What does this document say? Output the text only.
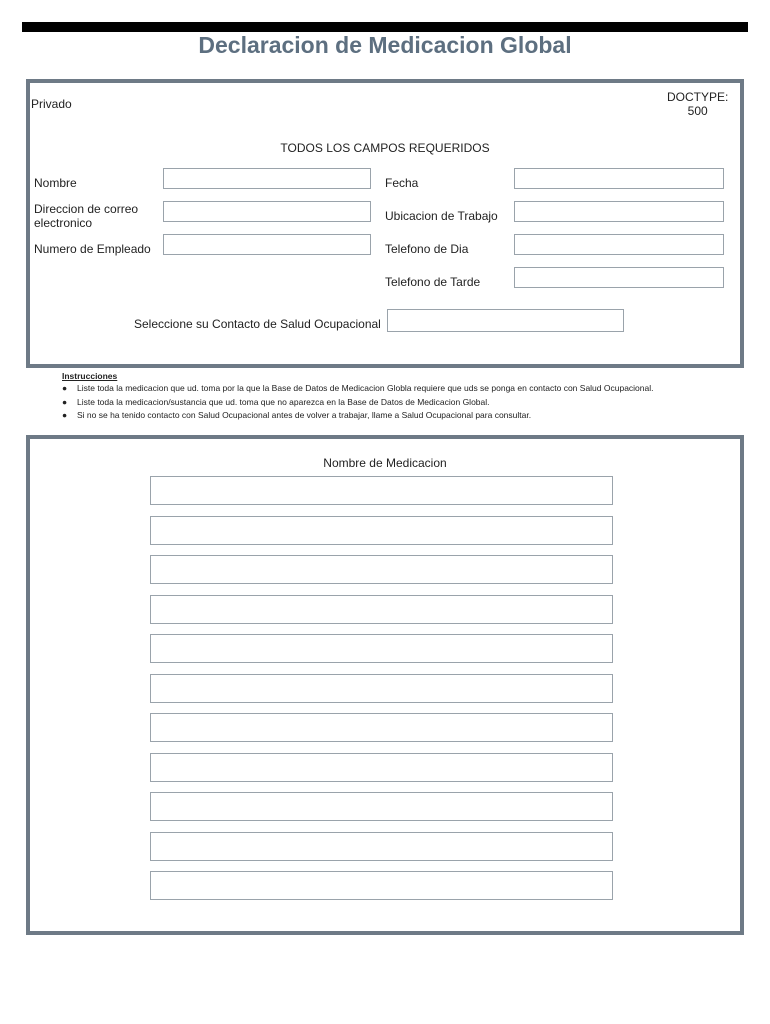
Declaracion de Medicacion Global
Privado	DOCTYPE:
500
TODOS LOS CAMPOS REQUERIDOS
Nombre	Fecha
Direccion de correo
electronico	Ubicacion de Trabajo
Numero de Empleado	Telefono de Dia
Telefono de Tarde
Seleccione su Contacto de Salud Ocupacional
Instrucciones
● Liste toda la medicacion que ud. toma por la que la Base de Datos de Medicacion Globla requiere que uds se ponga en contacto con Salud Ocupacional.
● Liste toda la medicacion/sustancia que ud. toma que no aparezca en la Base de Datos de Medicacion Global.
● Si no se ha tenido contacto con Salud Ocupacional antes de volver a trabajar, llame a Salud Ocupacional para consultar.
Nombre de Medicacion
